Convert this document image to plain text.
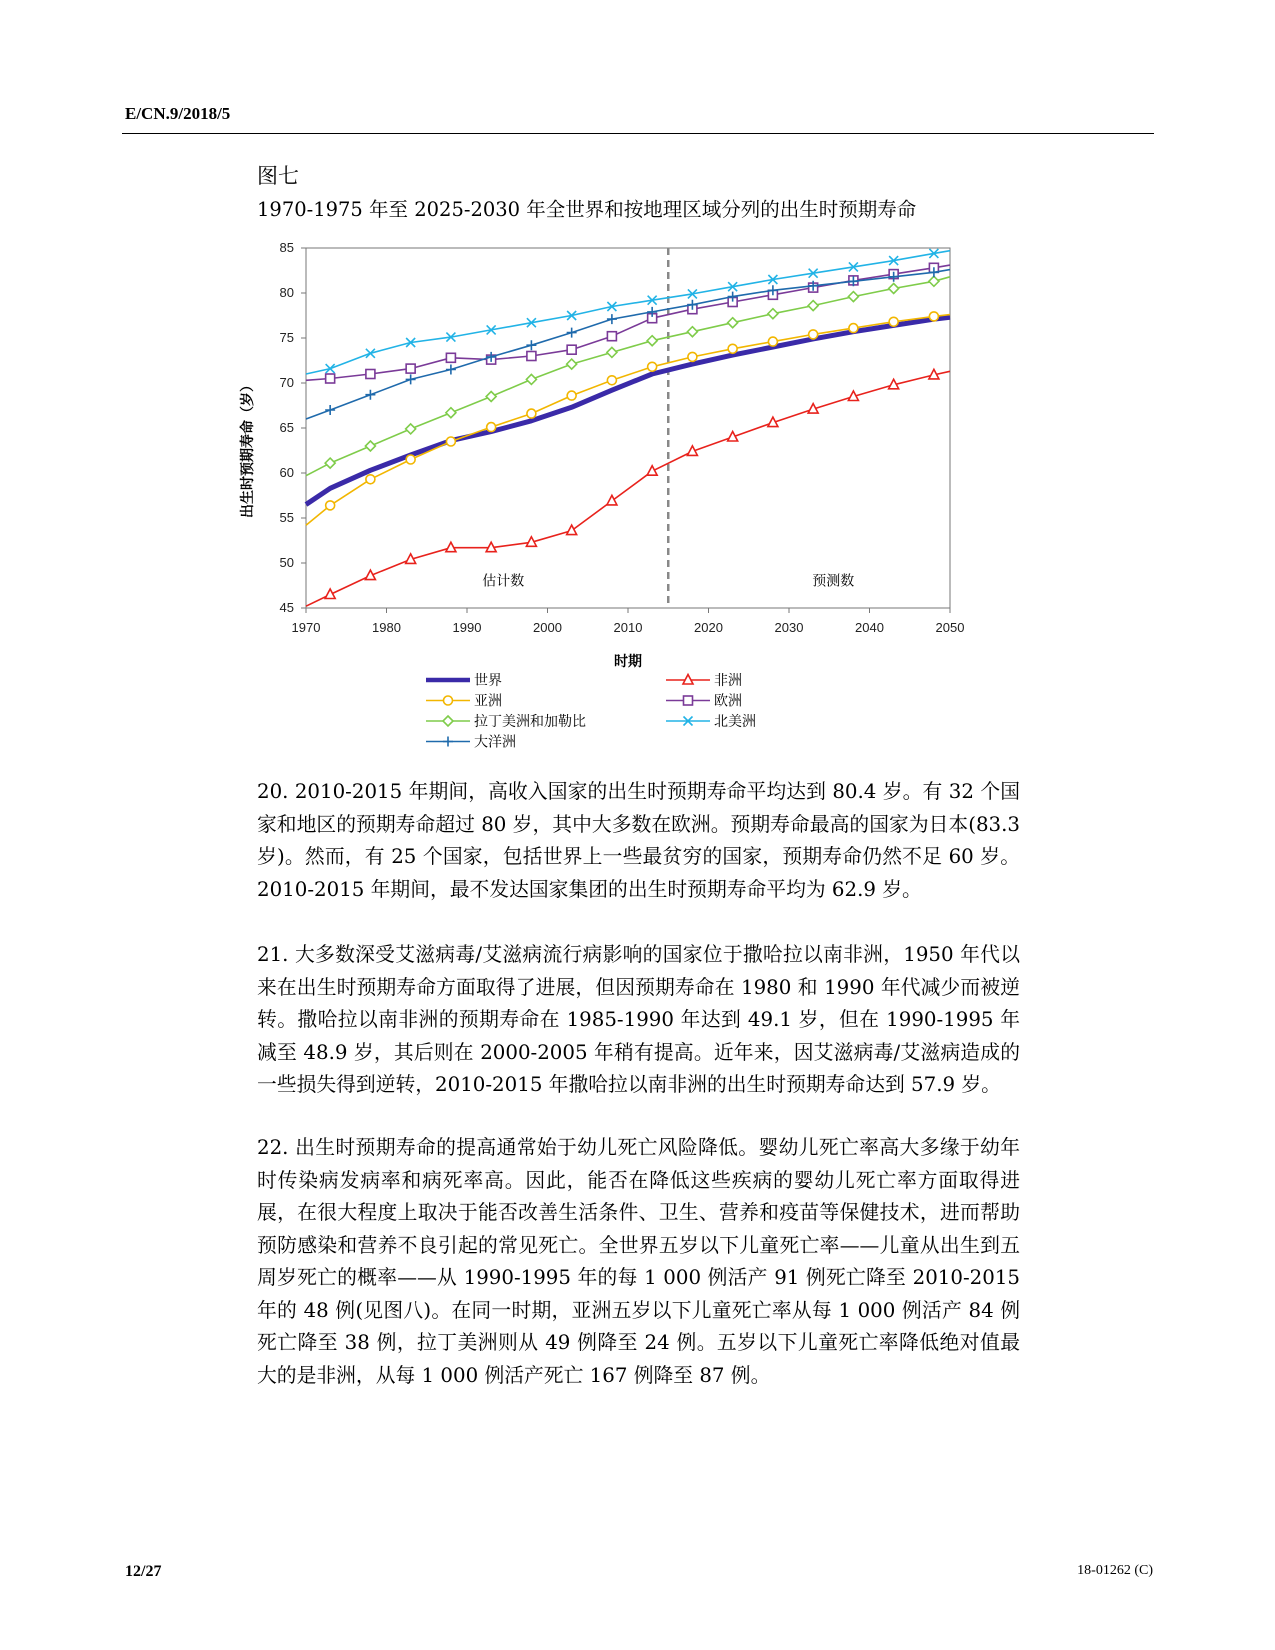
E/CN.9/2018/5
图七
1970-1975 年至 2025-2030 年全世界和按地理区域分列的出生时预期寿命
45
50
55
60
65
70
75
80
85
1970	1980	1990	2000	2010	2020	2030	2040	2050
时期
出生时预期寿命（岁）
估计数	预测数
世界	非洲
亚洲	欧洲
拉丁美洲和加勒比	北美洲
大洋洲

20. 2010-2015 年期间，高收入国家的出生时预期寿命平均达到 80.4 岁。有 32 个国家和地区的预期寿命超过 80 岁，其中大多数在欧洲。预期寿命最高的国家为日本(83.3 岁)。然而，有 25 个国家，包括世界上一些最贫穷的国家，预期寿命仍然不足 60 岁。2010-2015 年期间，最不发达国家集团的出生时预期寿命平均为 62.9 岁。

21. 大多数深受艾滋病毒/艾滋病流行病影响的国家位于撒哈拉以南非洲，1950 年代以来在出生时预期寿命方面取得了进展，但因预期寿命在 1980 和 1990 年代减少而被逆转。撒哈拉以南非洲的预期寿命在 1985-1990 年达到 49.1 岁，但在 1990-1995 年减至 48.9 岁，其后则在 2000-2005 年稍有提高。近年来，因艾滋病毒/艾滋病造成的一些损失得到逆转，2010-2015 年撒哈拉以南非洲的出生时预期寿命达到 57.9 岁。

22. 出生时预期寿命的提高通常始于幼儿死亡风险降低。婴幼儿死亡率高大多缘于幼年时传染病发病率和病死率高。因此，能否在降低这些疾病的婴幼儿死亡率方面取得进展，在很大程度上取决于能否改善生活条件、卫生、营养和疫苗等保健技术，进而帮助预防感染和营养不良引起的常见死亡。全世界五岁以下儿童死亡率——儿童从出生到五周岁死亡的概率——从 1990-1995 年的每 1 000 例活产 91 例死亡降至 2010-2015 年的 48 例(见图八)。在同一时期，亚洲五岁以下儿童死亡率从每 1 000 例活产 84 例死亡降至 38 例，拉丁美洲则从 49 例降至 24 例。五岁以下儿童死亡率降低绝对值最大的是非洲，从每 1 000 例活产死亡 167 例降至 87 例。

12/27	18-01262 (C)
